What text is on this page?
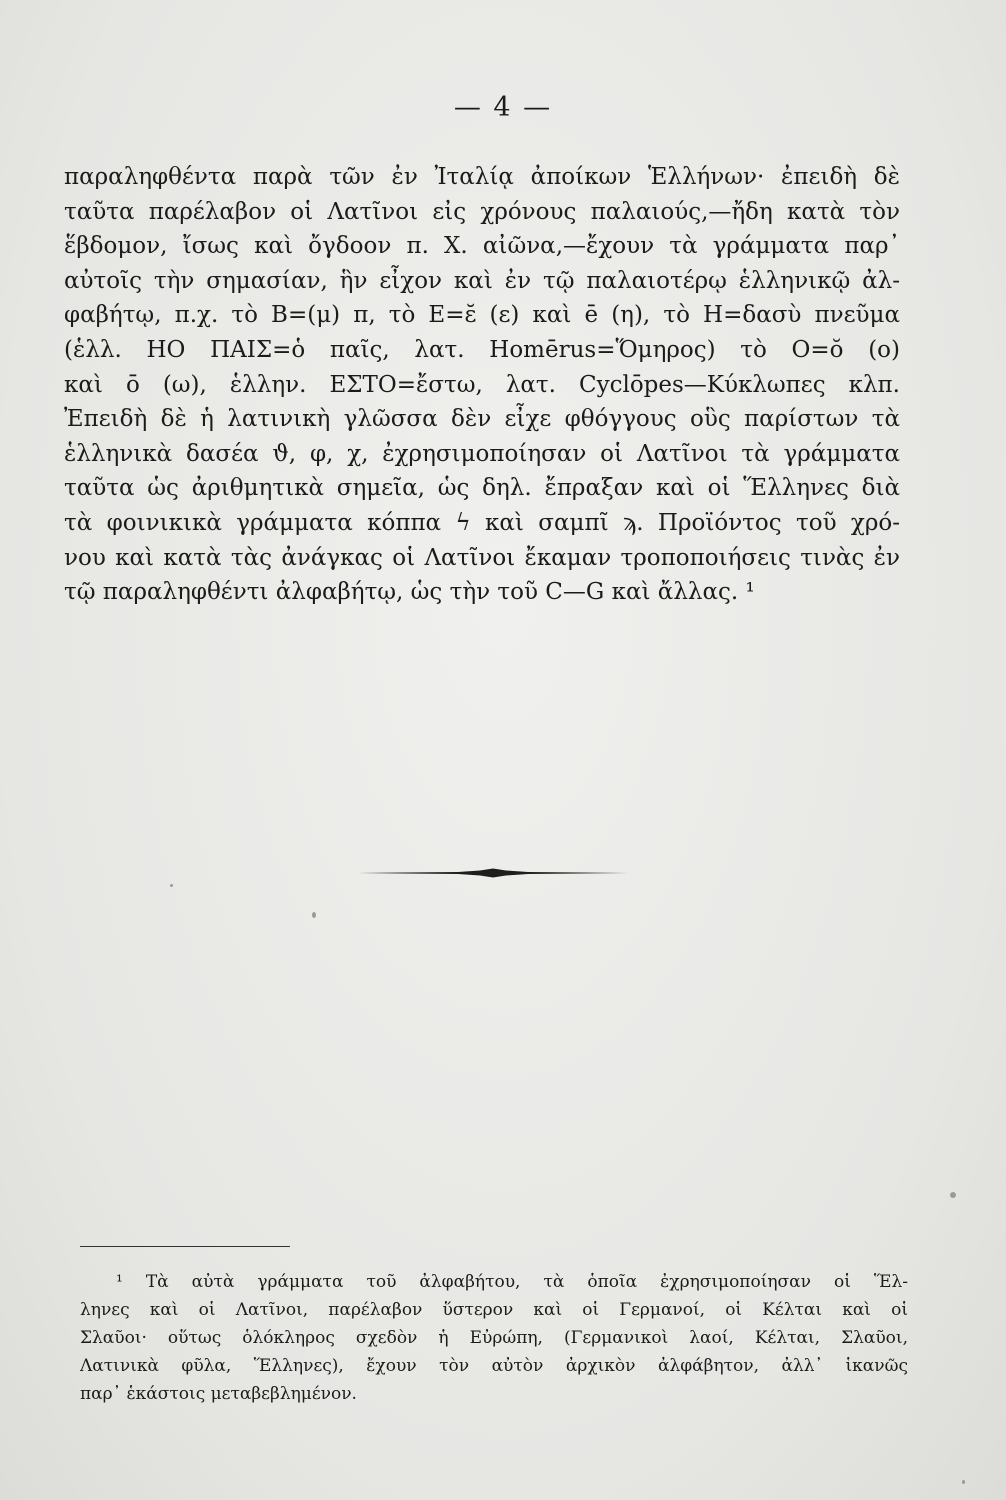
— 4 —
παραληφθέντα παρὰ τῶν ἐν Ἰταλίᾳ ἀποίκων Ἑλλήνων· ἐπειδὴ δὲ
ταῦτα παρέλαβον οἱ Λατῖνοι εἰς χρόνους παλαιούς,—ἤδη κατὰ τὸν
ἕβδομον, ἴσως καὶ ὄγδοον π. Χ. αἰῶνα,—ἔχουν τὰ γράμματα παρ᾽
αὐτοῖς τὴν σημασίαν, ἣν εἶχον καὶ ἐν τῷ παλαιοτέρῳ ἑλληνικῷ ἀλ-
φαβήτῳ, π.χ. τὸ Β=(μ) π, τὸ Ε=ε̆ (ε) καὶ ē (η), τὸ Η=δασὺ πνεῦμα
(ἑλλ. ΗΟ ΠΑΙΣ=ὁ παῖς, λατ. Homērus=Ὅμηρος) τὸ Ο=ŏ (ο)
καὶ ō (ω), ἑλλην. ΕΣΤΟ=ἔστω, λατ. Cyclōpes—Κύκλωπες κλπ.
Ἐπειδὴ δὲ ἡ λατινικὴ γλῶσσα δὲν εἶχε φθόγγους οὓς παρίστων τὰ
ἑλληνικὰ δασέα ϑ, φ, χ, ἐχρησιμοποίησαν οἱ Λατῖνοι τὰ γράμματα
ταῦτα ὡς ἀριθμητικὰ σημεῖα, ὡς δηλ. ἔπραξαν καὶ οἱ Ἕλληνες διὰ
τὰ φοινικικὰ γράμματα κόππα ϟ καὶ σαμπῖ ϡ. Προϊόντος τοῦ χρό-
νου καὶ κατὰ τὰς ἀνάγκας οἱ Λατῖνοι ἔκαμαν τροποποιήσεις τινὰς ἐν
τῷ παραληφθέντι ἀλφαβήτῳ, ὡς τὴν τοῦ C—G καὶ ἄλλας. ¹
¹ Τὰ αὐτὰ γράμματα τοῦ ἀλφαβήτου, τὰ ὁποῖα ἐχρησιμοποίησαν οἱ Ἕλ-
ληνες καὶ οἱ Λατῖνοι, παρέλαβον ὕστερον καὶ οἱ Γερμανοί, οἱ Κέλται καὶ οἱ
Σλαῦοι· οὕτως ὁλόκληρος σχεδὸν ἡ Εὐρώπη, (Γερμανικοὶ λαοί, Κέλται, Σλαῦοι,
Λατινικὰ φῦλα, Ἕλληνες), ἔχουν τὸν αὐτὸν ἀρχικὸν ἀλφάβητον, ἀλλ᾽ ἱκανῶς
παρ᾽ ἑκάστοις μεταβεβλημένον.
